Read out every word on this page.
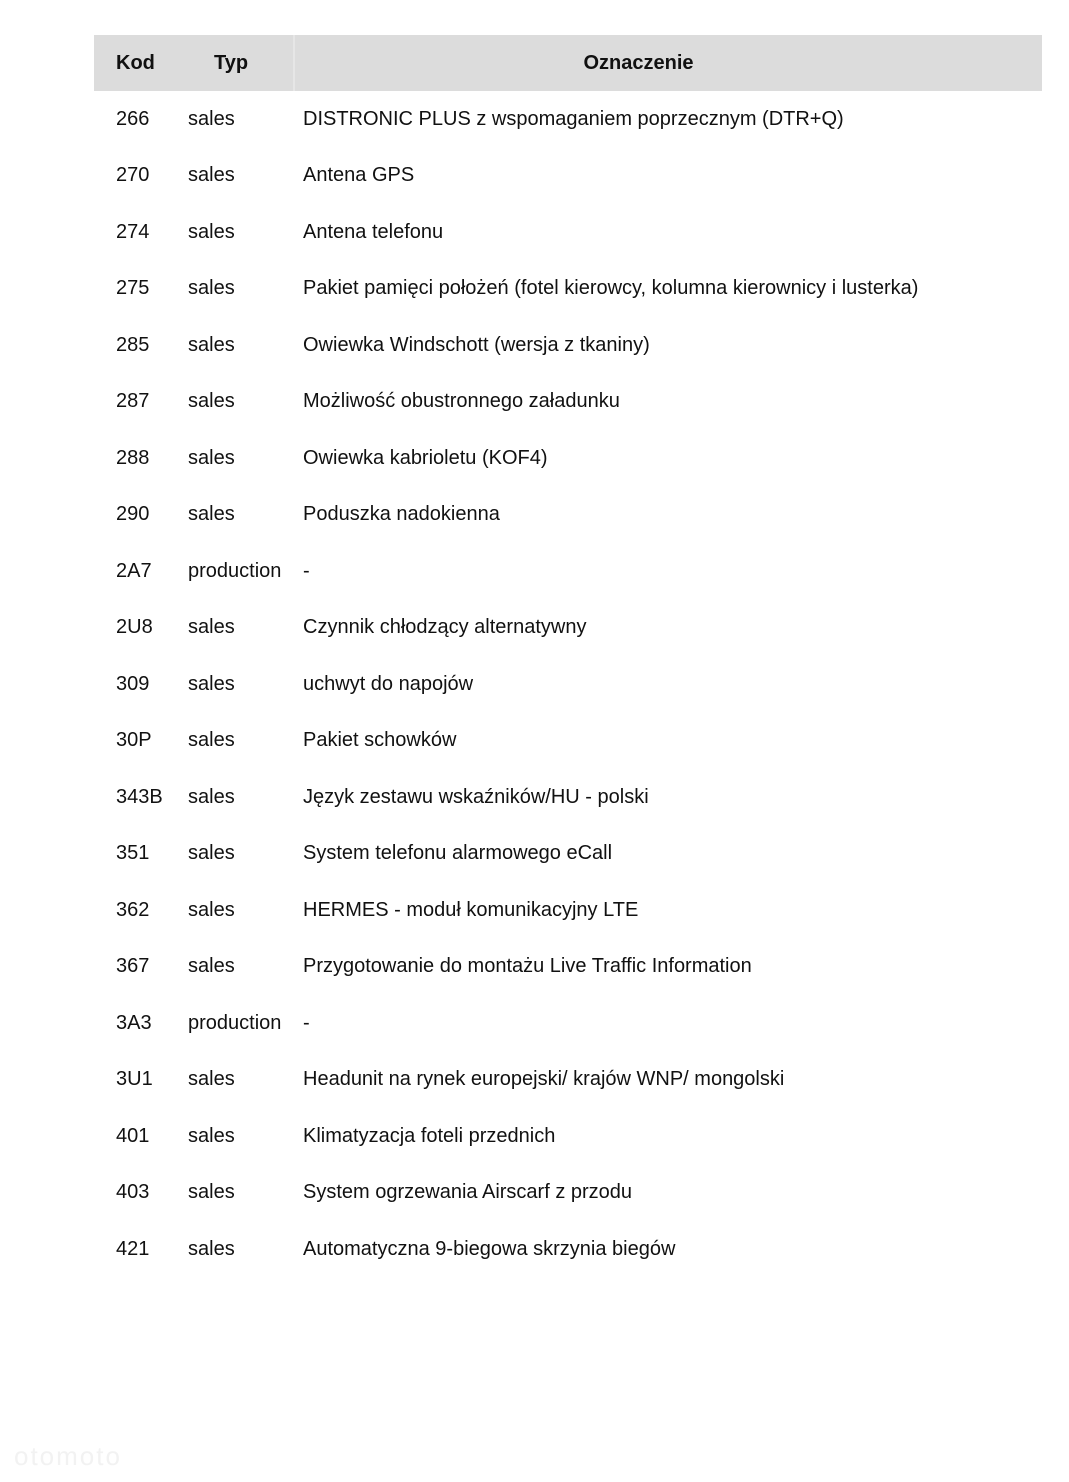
Kod	Typ	Oznaczenie
266	sales	DISTRONIC PLUS z wspomaganiem poprzecznym (DTR+Q)
270	sales	Antena GPS
274	sales	Antena telefonu
275	sales	Pakiet pamięci położeń (fotel kierowcy, kolumna kierownicy i lusterka)
285	sales	Owiewka Windschott (wersja z tkaniny)
287	sales	Możliwość obustronnego załadunku
288	sales	Owiewka kabrioletu (KOF4)
290	sales	Poduszka nadokienna
2A7	production	-
2U8	sales	Czynnik chłodzący alternatywny
309	sales	uchwyt do napojów
30P	sales	Pakiet schowków
343B	sales	Język zestawu wskaźników/HU - polski
351	sales	System telefonu alarmowego eCall
362	sales	HERMES - moduł komunikacyjny LTE
367	sales	Przygotowanie do montażu Live Traffic Information
3A3	production	-
3U1	sales	Headunit na rynek europejski/ krajów WNP/ mongolski
401	sales	Klimatyzacja foteli przednich
403	sales	System ogrzewania Airscarf z przodu
421	sales	Automatyczna 9-biegowa skrzynia biegów
otomoto
